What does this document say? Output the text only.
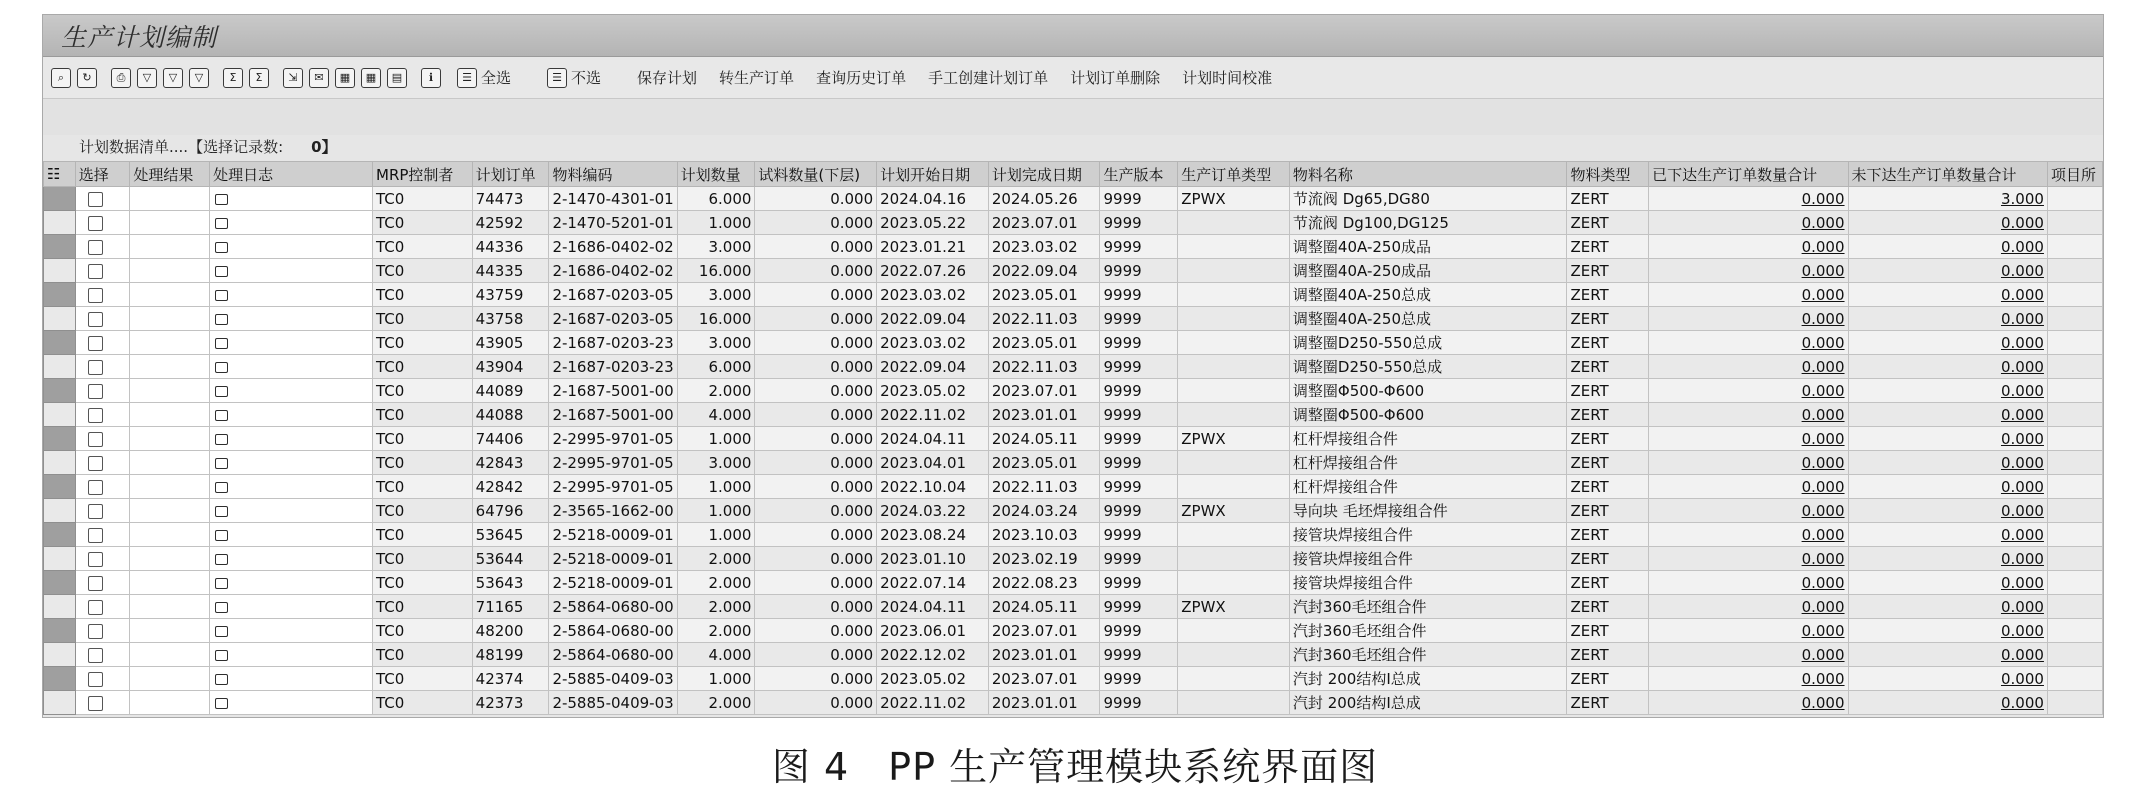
生产计划编制
⌕	↻	⎙	▽	▽	▽	Σ	Σ	⇲	✉	▦	▦	▤	ℹ	☰ 全选	☰ 不选 保存计划 转生产订单 查询历史订单 手工创建计划订单 计划订单删除 计划时间校准
计划数据清单....【选择记录数: 0】
☷	选择	处理结果	处理日志	MRP控制者	计划订单	物料编码	计划数量	试料数量(下层)	计划开始日期	计划完成日期	生产版本	生产订单类型	物料名称	物料类型	已下达生产订单数量合计	未下达生产订单数量合计	项目所
				TC0	74473	2-1470-4301-01	6.000	0.000	2024.04.16	2024.05.26	9999	ZPWX	节流阀 Dg65,DG80	ZERT	0.000	3.000	
				TC0	42592	2-1470-5201-01	1.000	0.000	2023.05.22	2023.07.01	9999		节流阀 Dg100,DG125	ZERT	0.000	0.000	
				TC0	44336	2-1686-0402-02	3.000	0.000	2023.01.21	2023.03.02	9999		调整圈40A-250成品	ZERT	0.000	0.000	
				TC0	44335	2-1686-0402-02	16.000	0.000	2022.07.26	2022.09.04	9999		调整圈40A-250成品	ZERT	0.000	0.000	
				TC0	43759	2-1687-0203-05	3.000	0.000	2023.03.02	2023.05.01	9999		调整圈40A-250总成	ZERT	0.000	0.000	
				TC0	43758	2-1687-0203-05	16.000	0.000	2022.09.04	2022.11.03	9999		调整圈40A-250总成	ZERT	0.000	0.000	
				TC0	43905	2-1687-0203-23	3.000	0.000	2023.03.02	2023.05.01	9999		调整圈D250-550总成	ZERT	0.000	0.000	
				TC0	43904	2-1687-0203-23	6.000	0.000	2022.09.04	2022.11.03	9999		调整圈D250-550总成	ZERT	0.000	0.000	
				TC0	44089	2-1687-5001-00	2.000	0.000	2023.05.02	2023.07.01	9999		调整圈Φ500-Φ600	ZERT	0.000	0.000	
				TC0	44088	2-1687-5001-00	4.000	0.000	2022.11.02	2023.01.01	9999		调整圈Φ500-Φ600	ZERT	0.000	0.000	
				TC0	74406	2-2995-9701-05	1.000	0.000	2024.04.11	2024.05.11	9999	ZPWX	杠杆焊接组合件	ZERT	0.000	0.000	
				TC0	42843	2-2995-9701-05	3.000	0.000	2023.04.01	2023.05.01	9999		杠杆焊接组合件	ZERT	0.000	0.000	
				TC0	42842	2-2995-9701-05	1.000	0.000	2022.10.04	2022.11.03	9999		杠杆焊接组合件	ZERT	0.000	0.000	
				TC0	64796	2-3565-1662-00	1.000	0.000	2024.03.22	2024.03.24	9999	ZPWX	导向块 毛坯焊接组合件	ZERT	0.000	0.000	
				TC0	53645	2-5218-0009-01	1.000	0.000	2023.08.24	2023.10.03	9999		接管块焊接组合件	ZERT	0.000	0.000	
				TC0	53644	2-5218-0009-01	2.000	0.000	2023.01.10	2023.02.19	9999		接管块焊接组合件	ZERT	0.000	0.000	
				TC0	53643	2-5218-0009-01	2.000	0.000	2022.07.14	2022.08.23	9999		接管块焊接组合件	ZERT	0.000	0.000	
				TC0	71165	2-5864-0680-00	2.000	0.000	2024.04.11	2024.05.11	9999	ZPWX	汽封360毛坯组合件	ZERT	0.000	0.000	
				TC0	48200	2-5864-0680-00	2.000	0.000	2023.06.01	2023.07.01	9999		汽封360毛坯组合件	ZERT	0.000	0.000	
				TC0	48199	2-5864-0680-00	4.000	0.000	2022.12.02	2023.01.01	9999		汽封360毛坯组合件	ZERT	0.000	0.000	
				TC0	42374	2-5885-0409-03	1.000	0.000	2023.05.02	2023.07.01	9999		汽封 200结构Ⅰ总成	ZERT	0.000	0.000	
				TC0	42373	2-5885-0409-03	2.000	0.000	2022.11.02	2023.01.01	9999		汽封 200结构Ⅰ总成	ZERT	0.000	0.000	
图 4　PP 生产管理模块系统界面图
